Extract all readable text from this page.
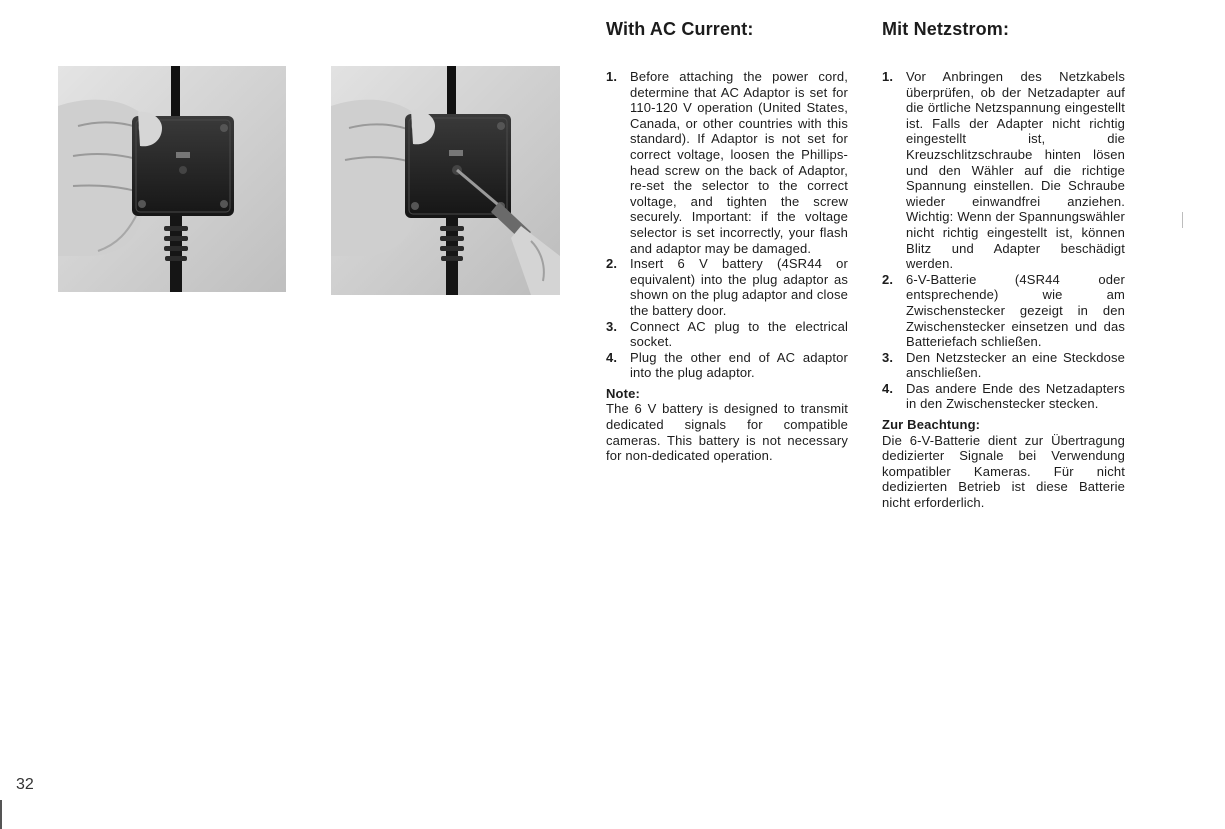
With AC Current:
1. Before attaching the power cord, determine that AC Adaptor is set for 110-120 V operation (United States, Canada, or other countries with this standard). If Adaptor is not set for correct voltage, loosen the Phillips-head screw on the back of Adaptor, re-set the selector to the correct voltage, and tighten the screw securely. Important: if the voltage selector is set incorrectly, your flash and adaptor may be damaged.
2. Insert 6 V battery (4SR44 or equivalent) into the plug adaptor as shown on the plug adaptor and close the battery door.
3. Connect AC plug to the electrical socket.
4. Plug the other end of AC adaptor into the plug adaptor.
Note:
The 6 V battery is designed to transmit dedicated signals for compatible cameras. This battery is not necessary for non-dedicated operation.
Mit Netzstrom:
1. Vor Anbringen des Netzkabels überprüfen, ob der Netzadapter auf die örtliche Netzspannung eingestellt ist. Falls der Adapter nicht richtig eingestellt ist, die Kreuzschlitzschraube hinten lösen und den Wähler auf die richtige Spannung einstellen. Die Schraube wieder einwandfrei anziehen. Wichtig: Wenn der Spannungswähler nicht richtig eingestellt ist, können Blitz und Adapter beschädigt werden.
2. 6-V-Batterie (4SR44 oder entsprechende) wie am Zwischenstecker gezeigt in den Zwischenstecker einsetzen und das Batteriefach schließen.
3. Den Netzstecker an eine Steckdose anschließen.
4. Das andere Ende des Netzadapters in den Zwischenstecker stecken.
Zur Beachtung:
Die 6-V-Batterie dient zur Übertragung dedizierter Signale bei Verwendung kompatibler Kameras. Für nicht dedizierten Betrieb ist diese Batterie nicht erforderlich.
32
